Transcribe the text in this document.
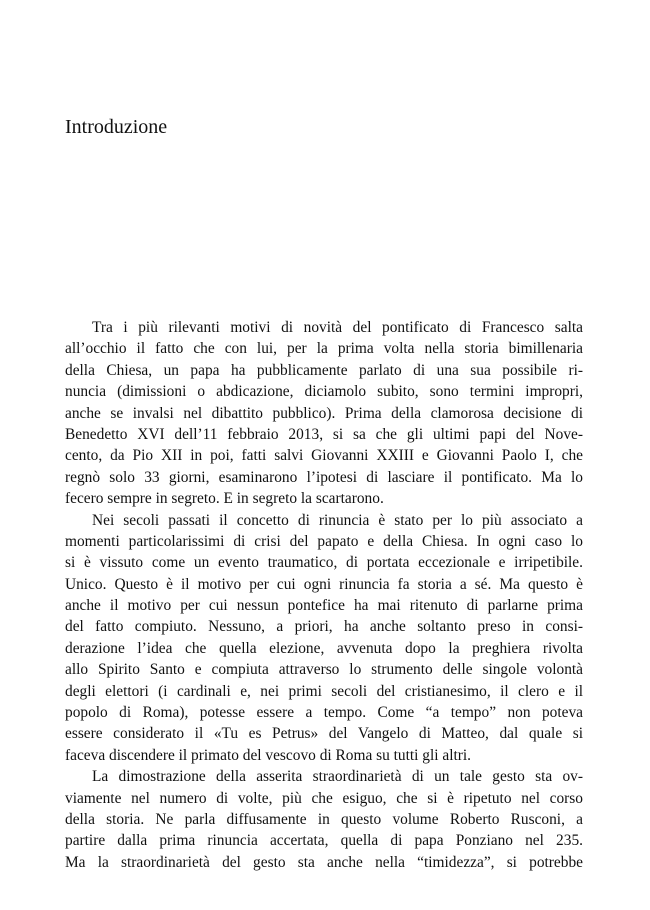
Introduzione
Tra i più rilevanti motivi di novità del pontificato di Francesco salta
all’occhio il fatto che con lui, per la prima volta nella storia bimillenaria
della Chiesa, un papa ha pubblicamente parlato di una sua possibile ri-
nuncia (dimissioni o abdicazione, diciamolo subito, sono termini impropri,
anche se invalsi nel dibattito pubblico). Prima della clamorosa decisione di
Benedetto XVI dell’11 febbraio 2013, si sa che gli ultimi papi del Nove-
cento, da Pio XII in poi, fatti salvi Giovanni XXIII e Giovanni Paolo I, che
regnò solo 33 giorni, esaminarono l’ipotesi di lasciare il pontificato. Ma lo
fecero sempre in segreto. E in segreto la scartarono.
Nei secoli passati il concetto di rinuncia è stato per lo più associato a
momenti particolarissimi di crisi del papato e della Chiesa. In ogni caso lo
si è vissuto come un evento traumatico, di portata eccezionale e irripetibile.
Unico. Questo è il motivo per cui ogni rinuncia fa storia a sé. Ma questo è
anche il motivo per cui nessun pontefice ha mai ritenuto di parlarne prima
del fatto compiuto. Nessuno, a priori, ha anche soltanto preso in consi-
derazione l’idea che quella elezione, avvenuta dopo la preghiera rivolta
allo Spirito Santo e compiuta attraverso lo strumento delle singole volontà
degli elettori (i cardinali e, nei primi secoli del cristianesimo, il clero e il
popolo di Roma), potesse essere a tempo. Come “a tempo” non poteva
essere considerato il «Tu es Petrus» del Vangelo di Matteo, dal quale si
faceva discendere il primato del vescovo di Roma su tutti gli altri.
La dimostrazione della asserita straordinarietà di un tale gesto sta ov-
viamente nel numero di volte, più che esiguo, che si è ripetuto nel corso
della storia. Ne parla diffusamente in questo volume Roberto Rusconi, a
partire dalla prima rinuncia accertata, quella di papa Ponziano nel 235.
Ma la straordinarietà del gesto sta anche nella “timidezza”, si potrebbe
